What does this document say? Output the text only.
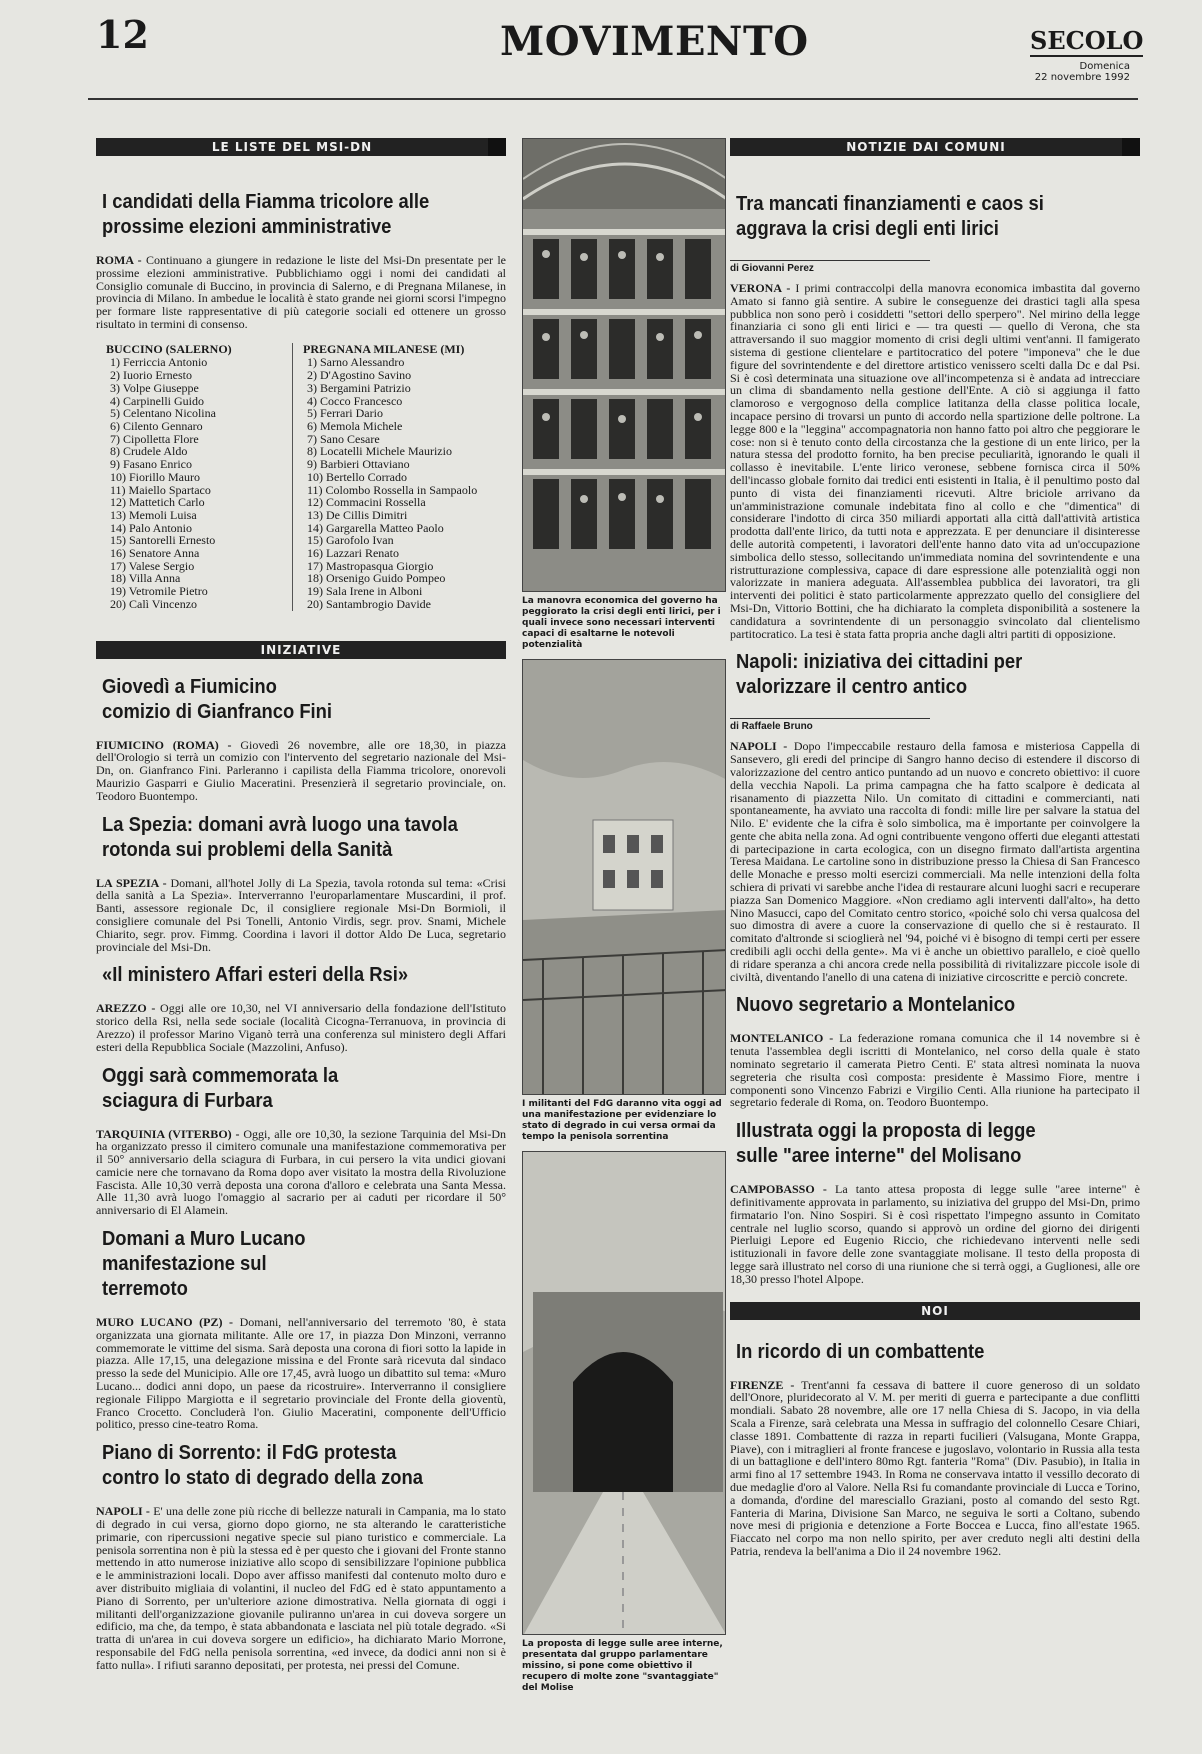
12	MOVIMENTO	SECOLO
Domenica
22 novembre 1992
LE LISTE DEL MSI-DN
I candidati della Fiamma tricolore alle prossime elezioni amministrative

ROMA - Continuano a giungere in redazione le liste del Msi-Dn presentate per le prossime elezioni amministrative. Pubblichiamo oggi i nomi dei candidati al Consiglio comunale di Buccino, in provincia di Salerno, e di Pregnana Milanese, in provincia di Milano. In ambedue le località è stato grande nei giorni scorsi l'impegno per formare liste rappresentative di più categorie sociali ed ottenere un grosso risultato in termini di consenso.

BUCCINO (SALERNO)
1) Ferriccia Antonio
2) Iuorio Ernesto
3) Volpe Giuseppe
4) Carpinelli Guido
5) Celentano Nicolina
6) Cilento Gennaro
7) Cipolletta Flore
8) Crudele Aldo
9) Fasano Enrico
10) Fiorillo Mauro
11) Maiello Spartaco
12) Mattetich Carlo
13) Memoli Luisa
14) Palo Antonio
15) Santorelli Ernesto
16) Senatore Anna
17) Valese Sergio
18) Villa Anna
19) Vetromile Pietro
20) Calì Vincenzo
PREGNANA MILANESE (MI)
1) Sarno Alessandro
2) D'Agostino Savino
3) Bergamini Patrizio
4) Cocco Francesco
5) Ferrari Dario
6) Memola Michele
7) Sano Cesare
8) Locatelli Michele Maurizio
9) Barbieri Ottaviano
10) Bertello Corrado
11) Colombo Rossella in Sampaolo
12) Commacini Rossella
13) De Cillis Dimitri
14) Gargarella Matteo Paolo
15) Garofolo Ivan
16) Lazzari Renato
17) Mastropasqua Giorgio
18) Orsenigo Guido Pompeo
19) Sala Irene in Alboni
20) Santambrogio Davide
INIZIATIVE
Giovedì a Fiumicino comizio di Gianfranco Fini

FIUMICINO (ROMA) - Giovedì 26 novembre, alle ore 18,30, in piazza dell'Orologio si terrà un comizio con l'intervento del segretario nazionale del Msi-Dn, on. Gianfranco Fini. Parleranno i capilista della Fiamma tricolore, onorevoli Maurizio Gasparri e Giulio Maceratini. Presenzierà il segretario provinciale, on. Teodoro Buontempo.

La Spezia: domani avrà luogo una tavola rotonda sui problemi della Sanità

LA SPEZIA - Domani, all'hotel Jolly di La Spezia, tavola rotonda sul tema: «Crisi della sanità a La Spezia». Interverranno l'europarlamentare Muscardini, il prof. Banti, assessore regionale Dc, il consigliere regionale Msi-Dn Bormioli, il consigliere comunale del Psi Tonelli, Antonio Virdis, segr. prov. Snami, Michele Chiarito, segr. prov. Fimmg. Coordina i lavori il dottor Aldo De Luca, segretario provinciale del Msi-Dn.

«Il ministero Affari esteri della Rsi»

AREZZO - Oggi alle ore 10,30, nel VI anniversario della fondazione dell'Istituto storico della Rsi, nella sede sociale (località Cicogna-Terranuova, in provincia di Arezzo) il professor Marino Viganò terrà una conferenza sul ministero degli Affari esteri della Repubblica Sociale (Mazzolini, Anfuso).

Oggi sarà commemorata la sciagura di Furbara

TARQUINIA (VITERBO) - Oggi, alle ore 10,30, la sezione Tarquinia del Msi-Dn ha organizzato presso il cimitero comunale una manifestazione commemorativa per il 50° anniversario della sciagura di Furbara, in cui persero la vita undici giovani camicie nere che tornavano da Roma dopo aver visitato la mostra della Rivoluzione Fascista. Alle 10,30 verrà deposta una corona d'alloro e celebrata una Santa Messa. Alle 11,30 avrà luogo l'omaggio al sacrario per ai caduti per ricordare il 50° anniversario di El Alamein.

Domani a Muro Lucano manifestazione sul terremoto

MURO LUCANO (PZ) - Domani, nell'anniversario del terremoto '80, è stata organizzata una giornata militante. Alle ore 17, in piazza Don Minzoni, verranno commemorate le vittime del sisma. Sarà deposta una corona di fiori sotto la lapide in piazza. Alle 17,15, una delegazione missina e del Fronte sarà ricevuta dal sindaco presso la sede del Municipio. Alle ore 17,45, avrà luogo un dibattito sul tema: «Muro Lucano... dodici anni dopo, un paese da ricostruire». Interverranno il consigliere regionale Filippo Margiotta e il segretario provinciale del Fronte della gioventù, Franco Crocetto. Concluderà l'on. Giulio Maceratini, componente dell'Ufficio politico, presso cine-teatro Roma.

Piano di Sorrento: il FdG protesta contro lo stato di degrado della zona

NAPOLI - E' una delle zone più ricche di bellezze naturali in Campania, ma lo stato di degrado in cui versa, giorno dopo giorno, ne sta alterando le caratteristiche primarie, con ripercussioni negative specie sul piano turistico e commerciale. La penisola sorrentina non è più la stessa ed è per questo che i giovani del Fronte stanno mettendo in atto numerose iniziative allo scopo di sensibilizzare l'opinione pubblica e le amministrazioni locali. Dopo aver affisso manifesti dal contenuto molto duro e aver distribuito migliaia di volantini, il nucleo del FdG ed è stato appuntamento a Piano di Sorrento, per un'ulteriore azione dimostrativa. Nella giornata di oggi i militanti dell'organizzazione giovanile puliranno un'area in cui doveva sorgere un edificio, ma che, da tempo, è stata abbandonata e lasciata nel più totale degrado. «Si tratta di un'area in cui doveva sorgere un edificio», ha dichiarato Mario Morrone, responsabile del FdG nella penisola sorrentina, «ed invece, da dodici anni non si è fatto nulla». I rifiuti saranno depositati, per protesta, nei pressi del Comune.

La manovra economica del governo ha peggiorato la crisi degli enti lirici, per i quali invece sono necessari interventi capaci di esaltarne le notevoli potenzialità
I militanti del FdG daranno vita oggi ad una manifestazione per evidenziare lo stato di degrado in cui versa ormai da tempo la penisola sorrentina
La proposta di legge sulle aree interne, presentata dal gruppo parlamentare missino, si pone come obiettivo il recupero di molte zone "svantaggiate" del Molise
NOTIZIE DAI COMUNI
Tra mancati finanziamenti e caos si aggrava la crisi degli enti lirici
di Giovanni Perez

VERONA - I primi contraccolpi della manovra economica imbastita dal governo Amato si fanno già sentire. A subire le conseguenze dei drastici tagli alla spesa pubblica non sono però i cosiddetti "settori dello sperpero". Nel mirino della legge finanziaria ci sono gli enti lirici e — tra questi — quello di Verona, che sta attraversando il suo maggior momento di crisi degli ultimi vent'anni. Il famigerato sistema di gestione clientelare e partitocratico del potere "imponeva" che le due figure del sovrintendente e del direttore artistico venissero scelti dalla Dc e dal Psi. Si è così determinata una situazione ove all'incompetenza si è andata ad intrecciare un clima di sbandamento nella gestione dell'Ente. A ciò si aggiunga il fatto clamoroso e vergognoso della complice latitanza della classe politica locale, incapace persino di trovarsi un punto di accordo nella spartizione delle poltrone. La legge 800 e la "leggina" accompagnatoria non hanno fatto poi altro che peggiorare le cose: non si è tenuto conto della circostanza che la gestione di un ente lirico, per la natura stessa del prodotto fornito, ha ben precise peculiarità, ignorando le quali il collasso è inevitabile. L'ente lirico veronese, sebbene fornisca circa il 50% dell'incasso globale fornito dai tredici enti esistenti in Italia, è il penultimo posto dal punto di vista dei finanziamenti ricevuti. Altre briciole arrivano da un'amministrazione comunale indebitata fino al collo e che "dimentica" di considerare l'indotto di circa 350 miliardi apportati alla città dall'attività artistica prodotta dall'ente lirico, da tutti nota e apprezzata. E per denunciare il disinteresse delle autorità competenti, i lavoratori dell'ente hanno dato vita ad un'occupazione simbolica dello stesso, sollecitando un'immediata nomina del sovrintendente e una ristrutturazione complessiva, capace di dare espressione alle potenzialità oggi non valorizzate in maniera adeguata. All'assemblea pubblica dei lavoratori, tra gli interventi dei politici è stato particolarmente apprezzato quello del consigliere del Msi-Dn, Vittorio Bottini, che ha dichiarato la completa disponibilità a sostenere la candidatura a sovrintendente di un personaggio svincolato dal clientelismo partitocratico. La tesi è stata fatta propria anche dagli altri partiti di opposizione.

Napoli: iniziativa dei cittadini per valorizzare il centro antico
di Raffaele Bruno

NAPOLI - Dopo l'impeccabile restauro della famosa e misteriosa Cappella di Sansevero, gli eredi del principe di Sangro hanno deciso di estendere il discorso di valorizzazione del centro antico puntando ad un nuovo e concreto obiettivo: il cuore della vecchia Napoli. La prima campagna che ha fatto scalpore è dedicata al risanamento di piazzetta Nilo. Un comitato di cittadini e commercianti, nati spontaneamente, ha avviato una raccolta di fondi: mille lire per salvare la statua del Nilo. E' evidente che la cifra è solo simbolica, ma è importante per coinvolgere la gente che abita nella zona. Ad ogni contribuente vengono offerti due eleganti attestati di partecipazione in carta ecologica, con un disegno firmato dall'artista argentina Teresa Maidana. Le cartoline sono in distribuzione presso la Chiesa di San Francesco delle Monache e presso molti esercizi commerciali. Ma nelle intenzioni della folta schiera di privati vi sarebbe anche l'idea di restaurare alcuni luoghi sacri e recuperare piazza San Domenico Maggiore. «Non crediamo agli interventi dall'alto», ha detto Nino Masucci, capo del Comitato centro storico, «poiché solo chi versa qualcosa del suo dimostra di avere a cuore la conservazione di quello che si è restaurato. Il comitato d'altronde si scioglierà nel '94, poiché vi è bisogno di tempi certi per essere credibili agli occhi della gente». Ma vi è anche un obiettivo parallelo, e cioè quello di ridare speranza a chi ancora crede nella possibilità di rivitalizzare piccole isole di civiltà, diventando l'anello di una catena di iniziative circoscritte e perciò concrete.

Nuovo segretario a Montelanico

MONTELANICO - La federazione romana comunica che il 14 novembre si è tenuta l'assemblea degli iscritti di Montelanico, nel corso della quale è stato nominato segretario il camerata Pietro Centi. E' stata altresì nominata la nuova segreteria che risulta così composta: presidente è Massimo Fiore, mentre i componenti sono Vincenzo Fabrizi e Virgilio Centi. Alla riunione ha partecipato il segretario federale di Roma, on. Teodoro Buontempo.

Illustrata oggi la proposta di legge sulle "aree interne" del Molisano

CAMPOBASSO - La tanto attesa proposta di legge sulle "aree interne" è definitivamente approvata in parlamento, su iniziativa del gruppo del Msi-Dn, primo firmatario l'on. Nino Sospiri. Si è così rispettato l'impegno assunto in Comitato centrale nel luglio scorso, quando si approvò un ordine del giorno dei dirigenti Pierluigi Lepore ed Eugenio Riccio, che richiedevano interventi nelle sedi istituzionali in favore delle zone svantaggiate molisane. Il testo della proposta di legge sarà illustrato nel corso di una riunione che si terrà oggi, a Guglionesi, alle ore 18,30 presso l'hotel Alpope.

NOI
In ricordo di un combattente

FIRENZE - Trent'anni fa cessava di battere il cuore generoso di un soldato dell'Onore, pluridecorato al V. M. per meriti di guerra e partecipante a due conflitti mondiali. Sabato 28 novembre, alle ore 17 nella Chiesa di S. Jacopo, in via della Scala a Firenze, sarà celebrata una Messa in suffragio del colonnello Cesare Chiari, classe 1891. Combattente di razza in reparti fucilieri (Valsugana, Monte Grappa, Piave), con i mitraglieri al fronte francese e jugoslavo, volontario in Russia alla testa di un battaglione e dell'intero 80mo Rgt. fanteria "Roma" (Div. Pasubio), in Italia in armi fino al 17 settembre 1943. In Roma ne conservava intatto il vessillo decorato di due medaglie d'oro al Valore. Nella Rsi fu comandante provinciale di Lucca e Torino, a domanda, d'ordine del maresciallo Graziani, posto al comando del sesto Rgt. Fanteria di Marina, Divisione San Marco, ne seguiva le sorti a Coltano, subendo nove mesi di prigionia e detenzione a Forte Boccea e Lucca, fino all'estate 1965. Fiaccato nel corpo ma non nello spirito, per aver creduto negli alti destini della Patria, rendeva la bell'anima a Dio il 24 novembre 1962.
